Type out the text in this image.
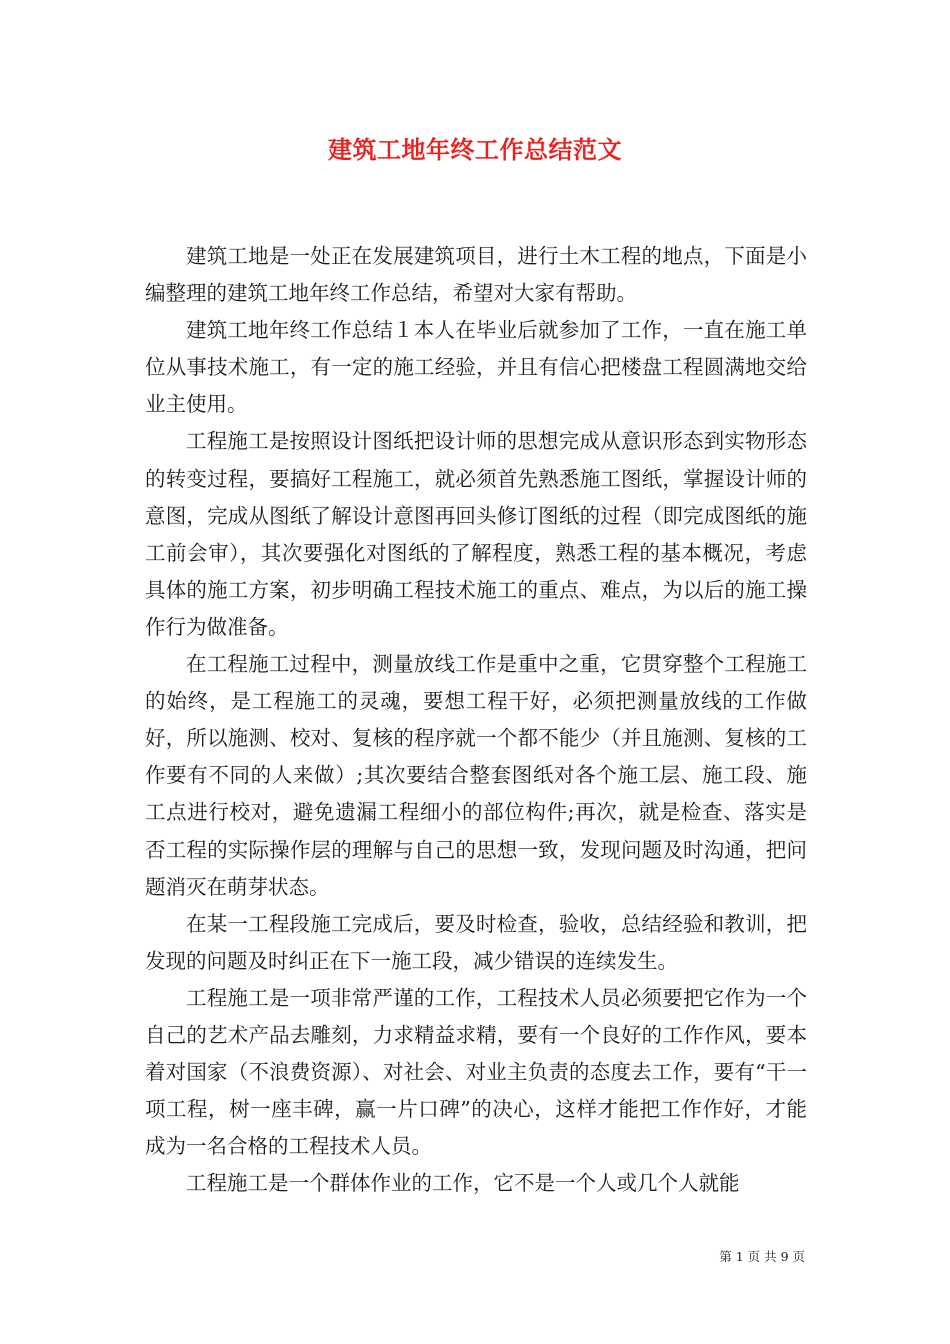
建筑工地年终工作总结范文

建筑工地是一处正在发展建筑项目，进行土木工程的地点，下面是小编整理的建筑工地年终工作总结，希望对大家有帮助。

建筑工地年终工作总结１本人在毕业后就参加了工作，一直在施工单位从事技术施工，有一定的施工经验，并且有信心把楼盘工程圆满地交给业主使用。

工程施工是按照设计图纸把设计师的思想完成从意识形态到实物形态的转变过程，要搞好工程施工，就必须首先熟悉施工图纸，掌握设计师的意图，完成从图纸了解设计意图再回头修订图纸的过程（即完成图纸的施工前会审），其次要强化对图纸的了解程度，熟悉工程的基本概况，考虑具体的施工方案，初步明确工程技术施工的重点、难点，为以后的施工操作行为做准备。

在工程施工过程中，测量放线工作是重中之重，它贯穿整个工程施工的始终，是工程施工的灵魂，要想工程干好，必须把测量放线的工作做好，所以施测、校对、复核的程序就一个都不能少（并且施测、复核的工作要有不同的人来做）;其次要结合整套图纸对各个施工层、施工段、施工点进行校对，避免遗漏工程细小的部位构件;再次，就是检查、落实是否工程的实际操作层的理解与自己的思想一致，发现问题及时沟通，把问题消灭在萌芽状态。

在某一工程段施工完成后，要及时检查，验收，总结经验和教训，把发现的问题及时纠正在下一施工段，减少错误的连续发生。

工程施工是一项非常严谨的工作，工程技术人员必须要把它作为一个自己的艺术产品去雕刻，力求精益求精，要有一个良好的工作作风，要本着对国家（不浪费资源）、对社会、对业主负责的态度去工作，要有“干一项工程，树一座丰碑，赢一片口碑”的决心，这样才能把工作作好，才能成为一名合格的工程技术人员。

工程施工是一个群体作业的工作，它不是一个人或几个人就能

第 1 页 共 9 页
